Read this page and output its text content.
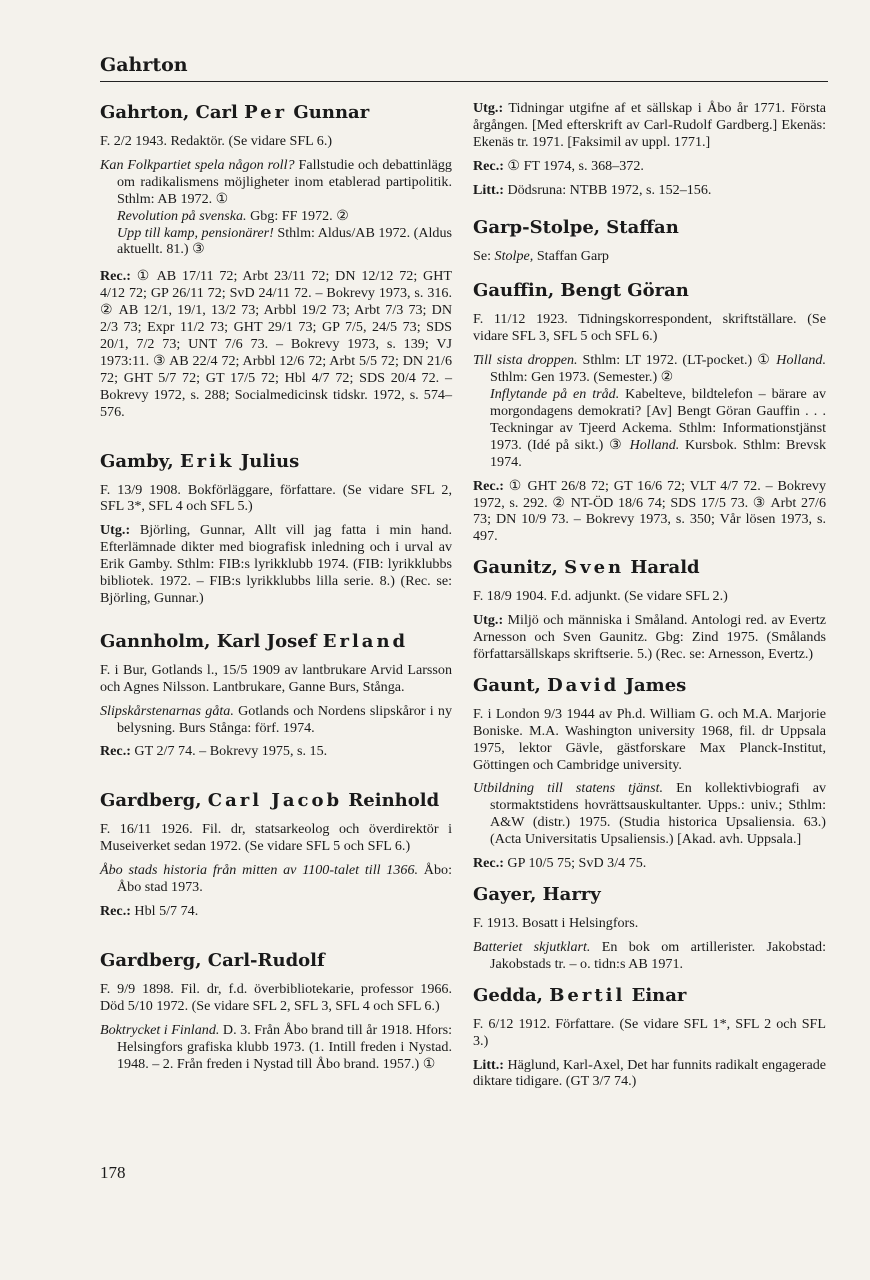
Gahrton
Gahrton, Carl Per Gunnar

F. 2/2 1943. Redaktör. (Se vidare SFL 6.)

Kan Folkpartiet spela någon roll? Fallstudie och debattinlägg om radikalismens möjligheter inom etablerad partipolitik. Sthlm: AB 1972. ①
Revolution på svenska. Gbg: FF 1972. ②
Upp till kamp, pensionärer! Sthlm: Aldus/AB 1972. (Aldus aktuellt. 81.) ③

Rec.: ① AB 17/11 72; Arbt 23/11 72; DN 12/12 72; GHT 4/12 72; GP 26/11 72; SvD 24/11 72. – Bokrevy 1973, s. 316. ② AB 12/1, 19/1, 13/2 73; Arbbl 19/2 73; Arbt 7/3 73; DN 2/3 73; Expr 11/2 73; GHT 29/1 73; GP 7/5, 24/5 73; SDS 20/1, 7/2 73; UNT 7/6 73. – Bokrevy 1973, s. 139; VJ 1973:11. ③ AB 22/4 72; Arbbl 12/6 72; Arbt 5/5 72; DN 21/6 72; GHT 5/7 72; GT 17/5 72; Hbl 4/7 72; SDS 20/4 72. – Bokrevy 1972, s. 288; Socialmedicinsk tidskr. 1972, s. 574–576.

Gamby, Erik Julius

F. 13/9 1908. Bokförläggare, författare. (Se vidare SFL 2, SFL 3*, SFL 4 och SFL 5.)

Utg.: Björling, Gunnar, Allt vill jag fatta i min hand. Efterlämnade dikter med biografisk inledning och i urval av Erik Gamby. Sthlm: FIB:s lyrikklubb 1974. (FIB: lyrikklubbs bibliotek. 1972. – FIB:s lyrikklubbs lilla serie. 8.) (Rec. se: Björling, Gunnar.)

Gannholm, Karl Josef Erland

F. i Bur, Gotlands l., 15/5 1909 av lantbrukare Arvid Larsson och Agnes Nilsson. Lantbrukare, Ganne Burs, Stånga.

Slipskårstenarnas gåta. Gotlands och Nordens slipskåror i ny belysning. Burs Stånga: förf. 1974.

Rec.: GT 2/7 74. – Bokrevy 1975, s. 15.

Gardberg, Carl Jacob Reinhold

F. 16/11 1926. Fil. dr, statsarkeolog och överdirektör i Museiverket sedan 1972. (Se vidare SFL 5 och SFL 6.)

Åbo stads historia från mitten av 1100-talet till 1366. Åbo: Åbo stad 1973.

Rec.: Hbl 5/7 74.

Gardberg, Carl-Rudolf

F. 9/9 1898. Fil. dr, f.d. överbibliotekarie, professor 1966. Död 5/10 1972. (Se vidare SFL 2, SFL 3, SFL 4 och SFL 6.)

Boktrycket i Finland. D. 3. Från Åbo brand till år 1918. Hfors: Helsingfors grafiska klubb 1973. (1. Intill freden i Nystad. 1948. – 2. Från freden i Nystad till Åbo brand. 1957.) ①

Utg.: Tidningar utgifne af et sällskap i Åbo år 1771. Första årgången. [Med efterskrift av Carl-Rudolf Gardberg.] Ekenäs: Ekenäs tr. 1971. [Faksimil av uppl. 1771.]

Rec.: ① FT 1974, s. 368–372.

Litt.: Dödsruna: NTBB 1972, s. 152–156.

Garp-Stolpe, Staffan

Se: Stolpe, Staffan Garp

Gauffin, Bengt Göran

F. 11/12 1923. Tidningskorrespondent, skriftställare. (Se vidare SFL 3, SFL 5 och SFL 6.)

Till sista droppen. Sthlm: LT 1972. (LT-pocket.) ① Holland. Sthlm: Gen 1973. (Semester.) ②
Inflytande på en tråd. Kabelteve, bildtelefon – bärare av morgondagens demokrati? [Av] Bengt Göran Gauffin . . . Teckningar av Tjeerd Ackema. Sthlm: Informationstjänst 1973. (Idé på sikt.) ③ Holland. Kursbok. Sthlm: Brevsk 1974.

Rec.: ① GHT 26/8 72; GT 16/6 72; VLT 4/7 72. – Bokrevy 1972, s. 292. ② NT-ÖD 18/6 74; SDS 17/5 73. ③ Arbt 27/6 73; DN 10/9 73. – Bokrevy 1973, s. 350; Vår lösen 1973, s. 497.

Gaunitz, Sven Harald

F. 18/9 1904. F.d. adjunkt. (Se vidare SFL 2.)

Utg.: Miljö och människa i Småland. Antologi red. av Evertz Arnesson och Sven Gaunitz. Gbg: Zind 1975. (Smålands författarsällskaps skriftserie. 5.) (Rec. se: Arnesson, Evertz.)

Gaunt, David James

F. i London 9/3 1944 av Ph.d. William G. och M.A. Marjorie Boniske. M.A. Washington university 1968, fil. dr Uppsala 1975, lektor Gävle, gästforskare Max Planck-Institut, Göttingen och Cambridge university.

Utbildning till statens tjänst. En kollektivbiografi av stormaktstidens hovrättsauskultanter. Upps.: univ.; Sthlm: A&W (distr.) 1975. (Studia historica Upsaliensia. 63.) (Acta Universitatis Upsaliensis.) [Akad. avh. Uppsala.]

Rec.: GP 10/5 75; SvD 3/4 75.

Gayer, Harry

F. 1913. Bosatt i Helsingfors.

Batteriet skjutklart. En bok om artillerister. Jakobstad: Jakobstads tr. – o. tidn:s AB 1971.

Gedda, Bertil Einar

F. 6/12 1912. Författare. (Se vidare SFL 1*, SFL 2 och SFL 3.)

Litt.: Häglund, Karl-Axel, Det har funnits radikalt engagerade diktare tidigare. (GT 3/7 74.)

178
